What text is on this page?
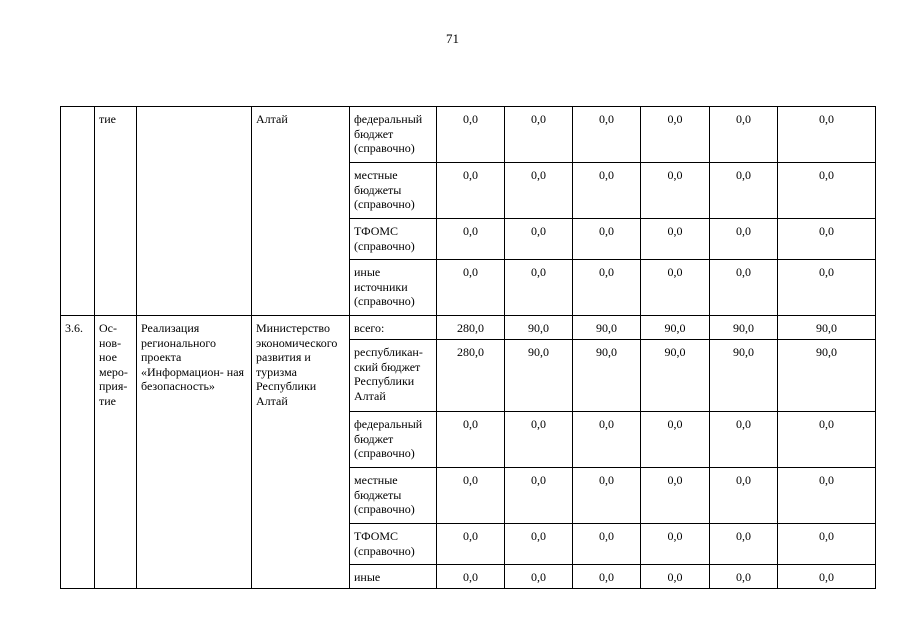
71
	тие		Алтай	федеральный бюджет (справочно)	0,0	0,0	0,0	0,0	0,0	0,0
				местные бюджеты (справочно)	0,0	0,0	0,0	0,0	0,0	0,0
				ТФОМС (справочно)	0,0	0,0	0,0	0,0	0,0	0,0
				иные источники (справочно)	0,0	0,0	0,0	0,0	0,0	0,0
3.6.	Ос- нов- ное меро- прия- тие	Реализация регионального проекта «Информацион- ная безопасность»	Министерство экономического развития и туризма Республики Алтай	всего:	280,0	90,0	90,0	90,0	90,0	90,0
				республикан- ский бюджет Республики Алтай	280,0	90,0	90,0	90,0	90,0	90,0
				федеральный бюджет (справочно)	0,0	0,0	0,0	0,0	0,0	0,0
				местные бюджеты (справочно)	0,0	0,0	0,0	0,0	0,0	0,0
				ТФОМС (справочно)	0,0	0,0	0,0	0,0	0,0	0,0
				иные	0,0	0,0	0,0	0,0	0,0	0,0
